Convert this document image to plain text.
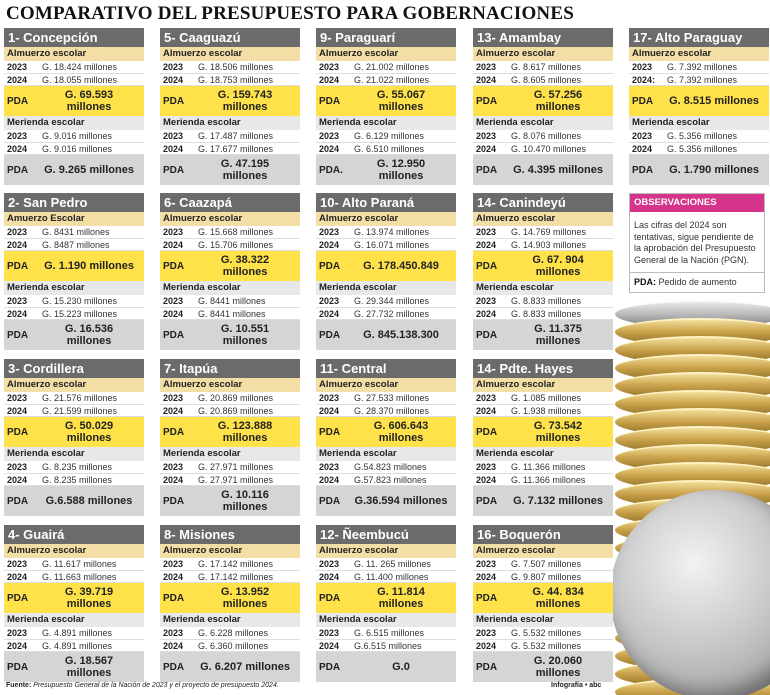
COMPARATIVO DEL PRESUPUESTO PARA GOBERNACIONES
1- Concepción
Almuerzo escolar
2023	G. 18.424 millones
2024	G. 18.055 millones
PDA	G. 69.593 millones
Merienda escolar
2023	G. 9.016 millones
2024	G. 9.016 millones
PDA	G. 9.265 millones
5- Caaguazú
Almuerzo escolar
2023	G. 18.506 millones
2024	G. 18.753 millones
PDA	G. 159.743 millones
Merienda escolar
2023	G. 17.487 millones
2024	G. 17.677 millones
PDA	G. 47.195 millones
9- Paraguarí
Almuerzo escolar
2023	G. 21.002 millones
2024	G. 21.022 millones
PDA	G. 55.067 millones
Merienda escolar
2023	G. 6.129 millones
2024	G. 6.510 millones
PDA.	G. 12.950 millones
13- Amambay
Almuerzo escolar
2023	G. 8.617 millones
2024	G. 8.605 millones
PDA	G. 57.256 millones
Merienda escolar
2023	G. 8.076 millones
2024	G. 10.470 millones
PDA	G. 4.395 millones
17- Alto Paraguay
Almuerzo escolar
2023	G. 7.392 millones
2024:	G. 7.392 millones
PDA	G. 8.515 millones
Merienda escolar
2023	G. 5.356 millones
2024	G. 5.356 millones
PDA	G. 1.790 millones
2- San Pedro
Amuerzo Escolar
2023	G. 8431 millones
2024	G. 8487 millones
PDA	G. 1.190 millones
Merienda escolar
2023	G. 15.230 millones
2024	G. 15.223 millones
PDA	G. 16.536 millones
6- Caazapá
Almuerzo escolar
2023	G. 15.668 millones
2024	G. 15.706 millones
PDA	G. 38.322 millones
Merienda escolar
2023	G. 8441 millones
2024	G. 8441 millones
PDA	G. 10.551 millones
10- Alto Paraná
Almuerzo escolar
2023	G. 13.974 millones
2024	G. 16.071 millones
PDA	G. 178.450.849
Merienda escolar
2023	G. 29.344 millones
2024	G. 27.732 millones
PDA	G. 845.138.300
14- Canindeyú
Almuerzo escolar
2023	G. 14.769 millones
2024	G. 14.903 millones
PDA	G. 67. 904 millones
Merienda escolar
2023	G. 8.833 millones
2024	G. 8.833 millones
PDA	G. 11.375 millones
3- Cordillera
Almuerzo escolar
2023	G. 21.576 millones
2024	G. 21.599 millones
PDA	G. 50.029 millones
Merienda escolar
2023	G. 8.235 millones
2024	G. 8.235 millones
PDA	G.6.588 millones
7- Itapúa
Almuerzo escolar
2023	G. 20.869 millones
2024	G. 20.869 millones
PDA	G. 123.888 millones
Merienda escolar
2023	G. 27.971 millones
2024	G. 27.971 millones
PDA	G. 10.116 millones
11- Central
Almuerzo escolar
2023	G. 27.533 millones
2024	G. 28.370 millones
PDA	G. 606.643 millones
Merienda escolar
2023	G.54.823 millones
2024	G.57.823 millones
PDA	G.36.594 millones
14- Pdte. Hayes
Almuerzo escolar
2023	G. 1.085 millones
2024	G. 1.938 millones
PDA	G. 73.542 millones
Merienda escolar
2023	G. 11.366 millones
2024	G. 11.366 millones
PDA	G. 7.132 millones
4- Guairá
Almuerzo escolar
2023	G. 11.617 millones
2024	G. 11.663 millones
PDA	G. 39.719 millones
Merienda escolar
2023	G. 4.891 millones
2024	G. 4.891 millones
PDA	G. 18.567 millones
8- Misiones
Almuerzo escolar
2023	G. 17.142 millones
2024	G. 17.142 millones
PDA	G. 13.952 millones
Merienda escolar
2023	G. 6.228 millones
2024	G. 6.360 millones
PDA	G. 6.207 millones
12- Ñeembucú
Almuerzo escolar
2023	G. 11. 265 millones
2024	G. 11.400 millones
PDA	G. 11.814 millones
Merienda escolar
2023	G. 6.515 millones
2024	G.6.515 millones
PDA	G.0
16- Boquerón
Almuerzo escolar
2023	G. 7.507 millones
2024	G. 9.807 millones
PDA	G. 44. 834 millones
Merienda escolar
2023	G. 5.532 millones
2024	G. 5.532 millones
PDA	G. 20.060 millones
OBSERVACIONES
Las cifras del 2024 son tentativas, sigue pendiente de la aprobación del Presupuesto General de la Nación (PGN).
PDA: Pedido de aumento
Fuente: Presupuesto General de la Nación de 2023 y el proyecto de presupuesto 2024.	Infografía • abc
